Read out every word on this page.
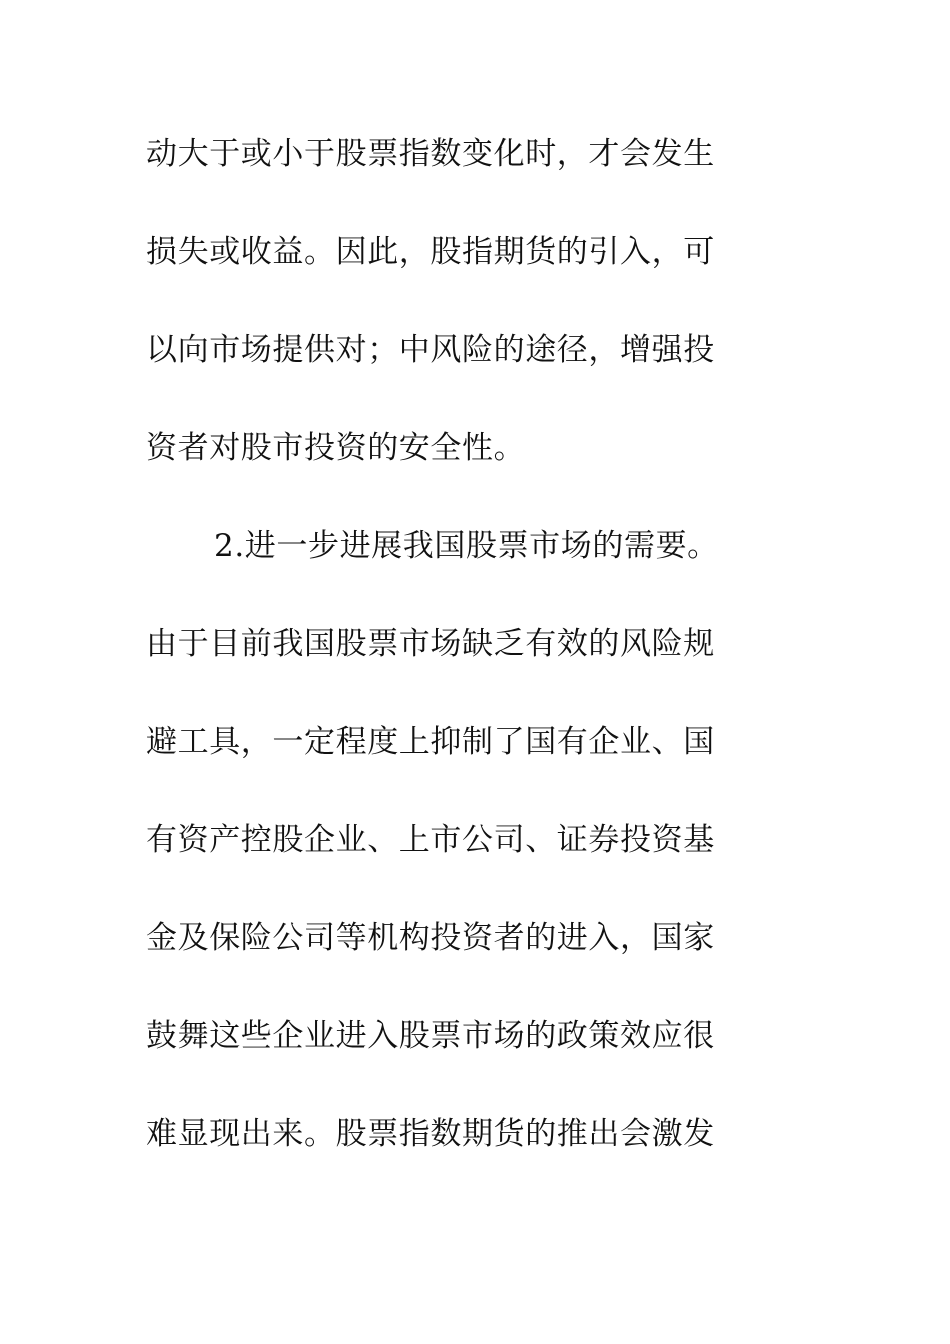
动大于或小于股票指数变化时，才会发生
损失或收益。因此，股指期货的引入，可
以向市场提供对；中风险的途径，增强投
资者对股市投资的安全性。
2.进一步进展我国股票市场的需要。
由于目前我国股票市场缺乏有效的风险规
避工具，一定程度上抑制了国有企业、国
有资产控股企业、上市公司、证券投资基
金及保险公司等机构投资者的进入，国家
鼓舞这些企业进入股票市场的政策效应很
难显现出来。股票指数期货的推出会激发
